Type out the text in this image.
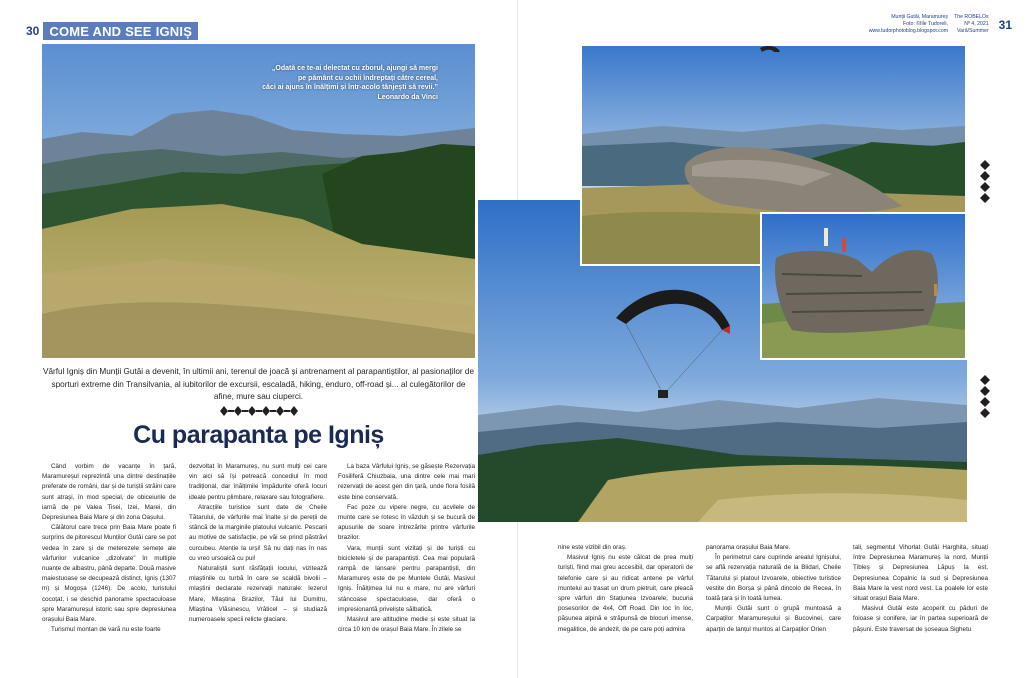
30 COME AND SEE IGNIȘ
Munții Gutâi, Maramureș
Foto: ©Ille Tudoreli,
www.tudorphotoblog.blogspot.com
The ROBELOs
Nº 4, 2021
Vară/Summer 31
„Odată ce te-ai delectat cu zborul, ajungi să mergi
pe pământ cu ochii îndreptați către cereal,
căci ai ajuns în înălțimi și într-acolo tânjești să revii.”
Leonardo da Vinci
Vârful Igniș din Munții Gutâi a devenit, în ultimii ani, terenul de joacă și antrenament al parapantiștilor, al pasionaților de sporturi extreme din Transilvania, al iubitorilor de excursii, escaladă, hiking, enduro, off-road și... al culegătorilor de afine, mure sau ciuperci.
Cu parapanta pe Igniș

Când vorbim de vacanțe în țară, Maramureșul reprezintă una dintre destinațiile preferate de români, dar și de turiștii străini care sunt atrași, în mod special, de obiceiurile de iarnă de pe Valea Tisei, Izei, Marei, din Depresiunea Baia Mare și din zona Oașului.

Călătorul care trece prin Baia Mare poate fi surprins de pitorescul Munților Gutâi care se pot vedea în zare și de meterezele semețe ale vârfurilor vulcanice „dizolvate” în multiple nuanțe de albastru, până departe. Două masive maiestuoase se decupează distinct, Igniș (1307 m) și Mogoșa (1246). De acolo, turistului cocoțat, i se deschid panorame spectaculoase spre Maramureșul istoric sau spre depresiunea orașului Baia Mare.

Turismul montan de vară nu este foarte

dezvoltat în Maramureș, nu sunt mulți cei care vin aici să își petreacă concediul în mod tradițional, dar înălțimile împădurite oferă locuri ideale pentru plimbare, relaxare sau fotografiere.

Atracțiile turistice sunt date de Cheile Tătarului, de vârfurile mai înalte și de pereții de stâncă de la marginile platoului vulcanic. Pescarii au motive de satisfacție, pe văi se prind păstrăvi curcubeu. Atenție la urși! Să nu dați nas în nas cu vreo ursoaică cu pui!

Naturaliștii sunt răsfățații locului, vizitează mlaștinile cu turbă în care se scaldă bivolii – mlaștini declarate rezervații naturale: Iezerul Mare, Mlaștina Brazilor, Tăul lui Dumitru, Mlaștina Vlăsinescu, Vrăticel – și studiază numeroasele specii relicte glaciare.

La baza Vârfului Igniș, se găsește Rezervația Fosiliferă Chiuzbaia, una dintre cele mai mari rezervații de acest gen din țară, unde flora fosilă este bine conservată.

Fac poze cu vipere negre, cu acvilele de munte care se rotesc în văzduh și se bucură de apusurile de soare întrezărite printre vârfurile brazilor.

Vara, munții sunt vizitați și de turiști cu bicicletele și de parapantiști. Cea mai populară rampă de lansare pentru parapantiști, din Maramureș este de pe Muntele Gutâi, Masivul Igniș. Înălțimea lui nu e mare, nu are vârfuri stâncoase spectaculoase, dar oferă o impresionantă priveliște sălbatică.

Masivul are altitudine medie și este situat la circa 10 km de orașul Baia Mare. În zilele se

nine este vizibil din oraș.

Masivul Igniș nu este călcat de prea mulți turiști, fiind mai greu accesibil, dar operatorii de telefonie care și au ridicat antene pe vârful muntelui au trasat un drum pietruit, care pleacă spre vârfuri din Stațiunea Izvoarele, bucuria posesorilor de 4x4, Off Road. Din loc în loc, pășunea alpină e străpunsă de blocuri imense, megalitice, de andezit, de pe care poți admira

panorama orașului Baia Mare.

În perimetrul care cuprinde arealul Ignișului, se află rezervația naturală de la Blidari, Cheile Tătarului și platoul Izvoarele, obiective turistice vestite din Borșa și până dincolo de Recea, în toată țara și în toată lumea.

Munții Gutâi sunt o grupă muntoasă a Carpaților Maramureșului și Bucovinei, care aparțin de lanțul muntos al Carpaților Orien

tali, segmentul Vihorlat Gutâi Harghita, situați între Depresiunea Maramureș la nord, Munții Țibleș și Depresiunea Lăpuș la est, Depresiunea Copalnic la sud și Depresiunea Baia Mare la vest nord vest. La poalele lor este situat orașul Baia Mare.

Masivul Gutâi este acoperit cu păduri de foioase și conifere, iar în partea superioară de pășuni. Este traversat de șoseaua Sighetu
